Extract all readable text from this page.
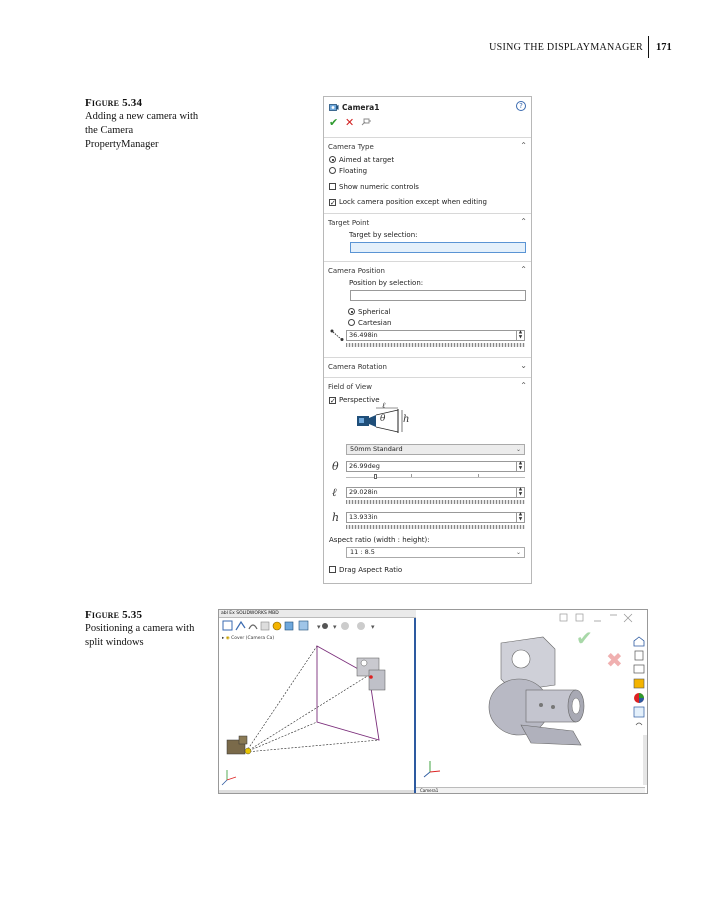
USING THE DISPLAYMANAGER 171
Figure 5.34
Adding a new camera with the Camera PropertyManager
Camera1	?
✔ ✕
Camera Type	⌃
Aimed at target
Floating
Show numeric controls
✓ Lock camera position except when editing
Target Point	⌃
Target by selection:
Camera Position	⌃
Position by selection:
Spherical
Cartesian
36.498in	▲
▼
Camera Rotation	⌄
Field of View	⌃
✓ Perspective
ℓ
θ h
50mm Standard	⌄
θ	26.99deg	▲
▼
ℓ	29.028in	▲
▼
h	13.933in	▲
▼
Aspect ratio (width : height):
11 : 8.5	⌄
Drag Aspect Ratio
Figure 5.35
Positioning a camera with split windows
abl Ex SOLIDWORKS MBD
▾ ▾	▾
▸ ◉ Cover (Camera Ca)	✔
✖
Camera1
